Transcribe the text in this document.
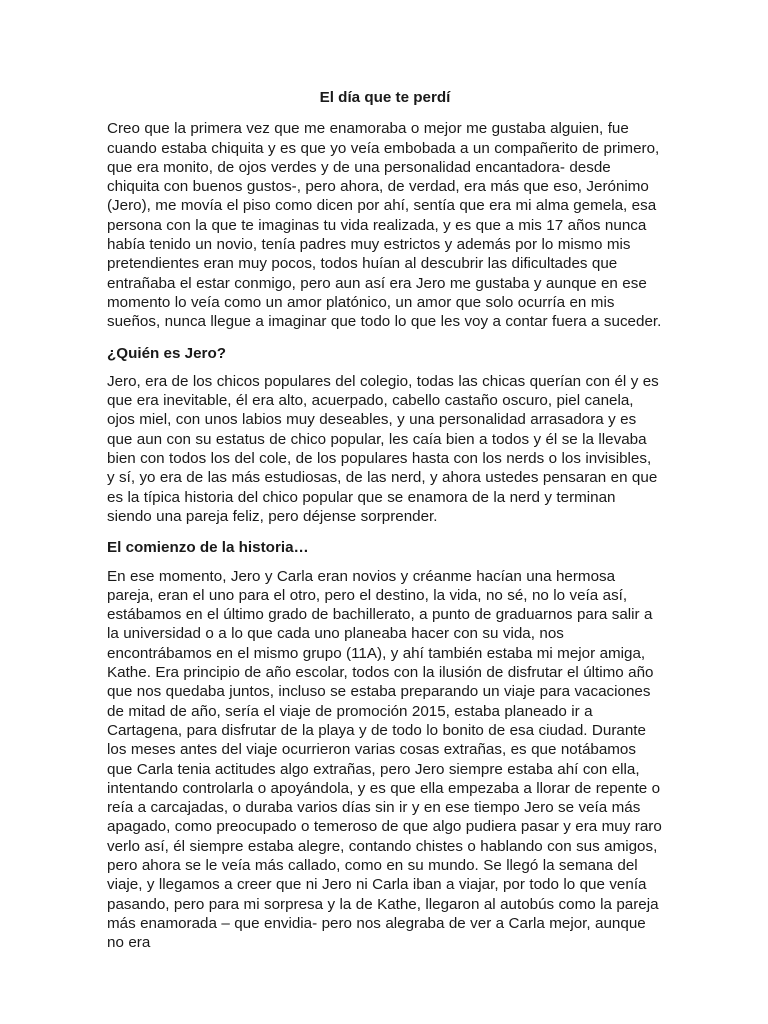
El día que te perdí

Creo que la primera vez que me enamoraba o mejor me gustaba alguien, fue cuando estaba chiquita y es que yo veía embobada a un compañerito de primero, que era monito, de ojos verdes y de una personalidad encantadora- desde chiquita con buenos gustos-, pero ahora, de verdad, era más que eso, Jerónimo (Jero), me movía el piso como dicen por ahí, sentía que era mi alma gemela, esa persona con la que te imaginas tu vida realizada, y es que a mis 17 años nunca había tenido un novio, tenía padres muy estrictos y además por lo mismo mis pretendientes eran muy pocos, todos huían al descubrir las dificultades que entrañaba el estar conmigo, pero aun así era Jero me gustaba y aunque en ese momento lo veía como un amor platónico, un amor que solo ocurría en mis sueños, nunca llegue a imaginar que todo lo que les voy a contar fuera a suceder.

¿Quién es Jero?

Jero, era de los chicos populares del colegio, todas las chicas querían con él y es que era inevitable, él era alto, acuerpado, cabello castaño oscuro, piel canela, ojos miel, con unos labios muy deseables, y una personalidad arrasadora y es que aun con su estatus de chico popular, les caía bien a todos y él se la llevaba bien con todos los del cole, de los populares hasta con los nerds o los invisibles, y sí, yo era de las más estudiosas, de las nerd, y ahora ustedes pensaran en que es la típica historia del chico popular que se enamora de la nerd y terminan siendo una pareja feliz, pero déjense sorprender.

El comienzo de la historia…

En ese momento, Jero y Carla eran novios y créanme hacían una hermosa pareja, eran el uno para el otro, pero el destino, la vida, no sé, no lo veía así, estábamos en el último grado de bachillerato, a punto de graduarnos para salir a la universidad o a lo que cada uno planeaba hacer con su vida, nos encontrábamos en el mismo grupo (11A), y ahí también estaba mi mejor amiga, Kathe. Era principio de año escolar, todos con la ilusión de disfrutar el último año que nos quedaba juntos, incluso se estaba preparando un viaje para vacaciones de mitad de año, sería el viaje de promoción 2015, estaba planeado ir a Cartagena, para disfrutar de la playa y de todo lo bonito de esa ciudad. Durante los meses antes del viaje ocurrieron varias cosas extrañas, es que notábamos que Carla tenia actitudes algo extrañas, pero Jero siempre estaba ahí con ella, intentando controlarla o apoyándola, y es que ella empezaba a llorar de repente o reía a carcajadas, o duraba varios días sin ir y en ese tiempo Jero se veía más apagado, como preocupado o temeroso de que algo pudiera pasar y era muy raro verlo así, él siempre estaba alegre, contando chistes o hablando con sus amigos, pero ahora se le veía más callado, como en su mundo. Se llegó la semana del viaje, y llegamos a creer que ni Jero ni Carla iban a viajar, por todo lo que venía pasando, pero para mi sorpresa y la de Kathe, llegaron al autobús como la pareja más enamorada – que envidia- pero nos alegraba de ver a Carla mejor, aunque no era
